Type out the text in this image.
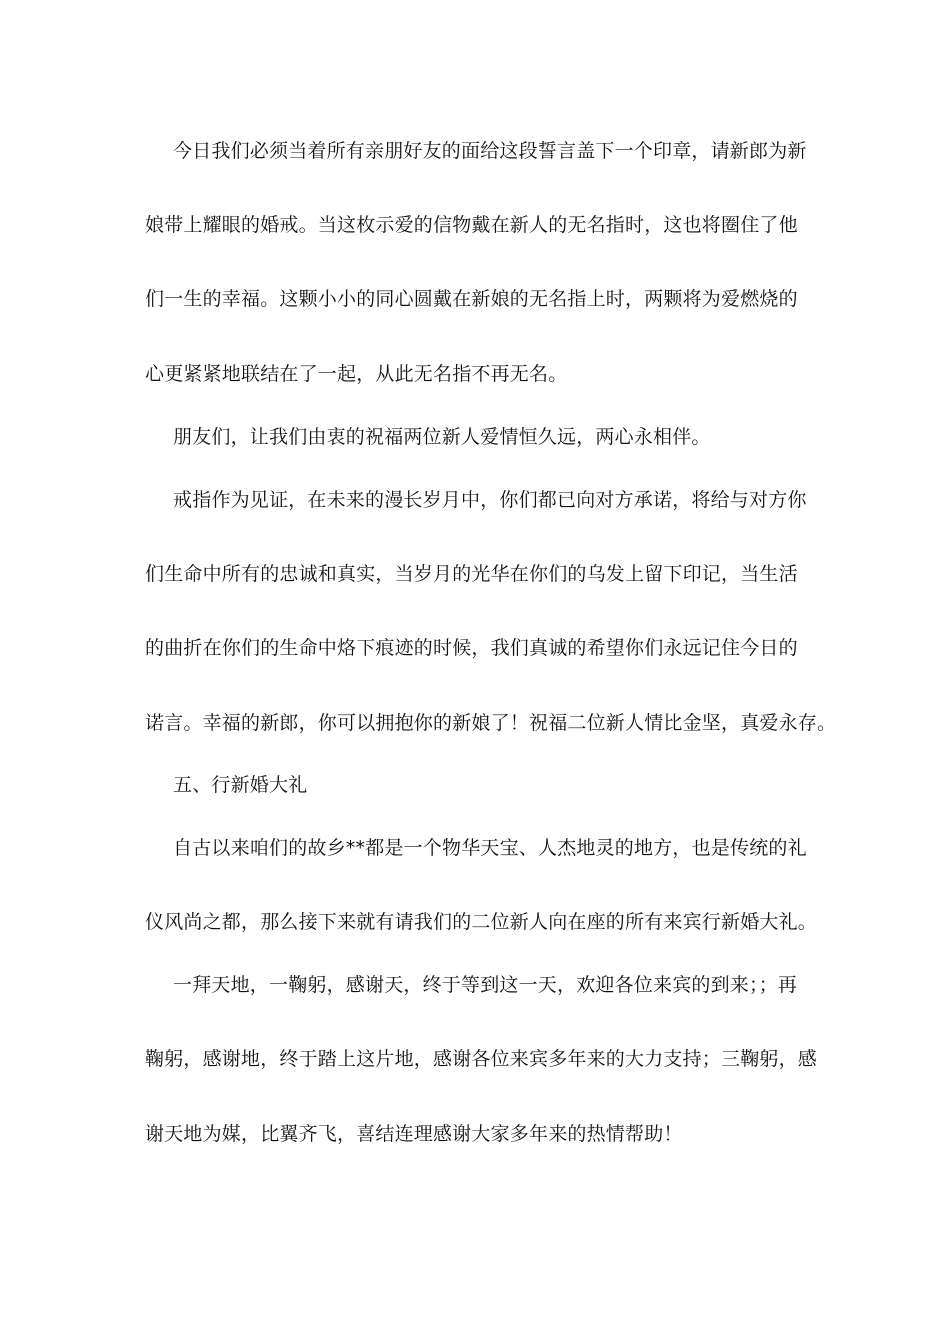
今日我们必须当着所有亲朋好友的面给这段誓言盖下一个印章，请新郎为新
娘带上耀眼的婚戒。当这枚示爱的信物戴在新人的无名指时，这也将圈住了他
们一生的幸福。这颗小小的同心圆戴在新娘的无名指上时，两颗将为爱燃烧的
心更紧紧地联结在了一起，从此无名指不再无名。
朋友们，让我们由衷的祝福两位新人爱情恒久远，两心永相伴。
戒指作为见证，在未来的漫长岁月中，你们都已向对方承诺，将给与对方你
们生命中所有的忠诚和真实，当岁月的光华在你们的乌发上留下印记，当生活
的曲折在你们的生命中烙下痕迹的时候，我们真诚的希望你们永远记住今日的
诺言。幸福的新郎，你可以拥抱你的新娘了！祝福二位新人情比金坚，真爱永存。
五、行新婚大礼
自古以来咱们的故乡**都是一个物华天宝、人杰地灵的地方，也是传统的礼
仪风尚之都，那么接下来就有请我们的二位新人向在座的所有来宾行新婚大礼。
一拜天地，一鞠躬，感谢天，终于等到这一天，欢迎各位来宾的到来；；再
鞠躬，感谢地，终于踏上这片地，感谢各位来宾多年来的大力支持；三鞠躬，感
谢天地为媒，比翼齐飞，喜结连理感谢大家多年来的热情帮助！
